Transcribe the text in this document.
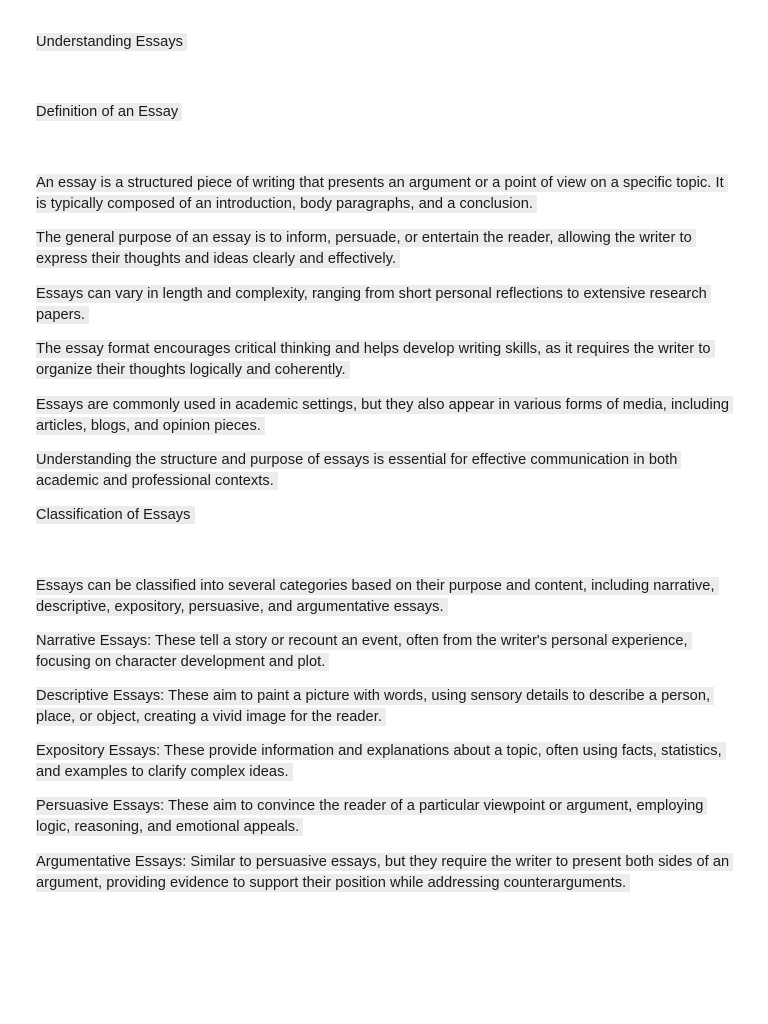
Understanding Essays
Definition of an Essay
An essay is a structured piece of writing that presents an argument or a point of view on a specific topic. It is typically composed of an introduction, body paragraphs, and a conclusion.
The general purpose of an essay is to inform, persuade, or entertain the reader, allowing the writer to express their thoughts and ideas clearly and effectively.
Essays can vary in length and complexity, ranging from short personal reflections to extensive research papers.
The essay format encourages critical thinking and helps develop writing skills, as it requires the writer to organize their thoughts logically and coherently.
Essays are commonly used in academic settings, but they also appear in various forms of media, including articles, blogs, and opinion pieces.
Understanding the structure and purpose of essays is essential for effective communication in both academic and professional contexts.
Classification of Essays
Essays can be classified into several categories based on their purpose and content, including narrative, descriptive, expository, persuasive, and argumentative essays.
Narrative Essays: These tell a story or recount an event, often from the writer's personal experience, focusing on character development and plot.
Descriptive Essays: These aim to paint a picture with words, using sensory details to describe a person, place, or object, creating a vivid image for the reader.
Expository Essays: These provide information and explanations about a topic, often using facts, statistics, and examples to clarify complex ideas.
Persuasive Essays: These aim to convince the reader of a particular viewpoint or argument, employing logic, reasoning, and emotional appeals.
Argumentative Essays: Similar to persuasive essays, but they require the writer to present both sides of an argument, providing evidence to support their position while addressing counterarguments.
